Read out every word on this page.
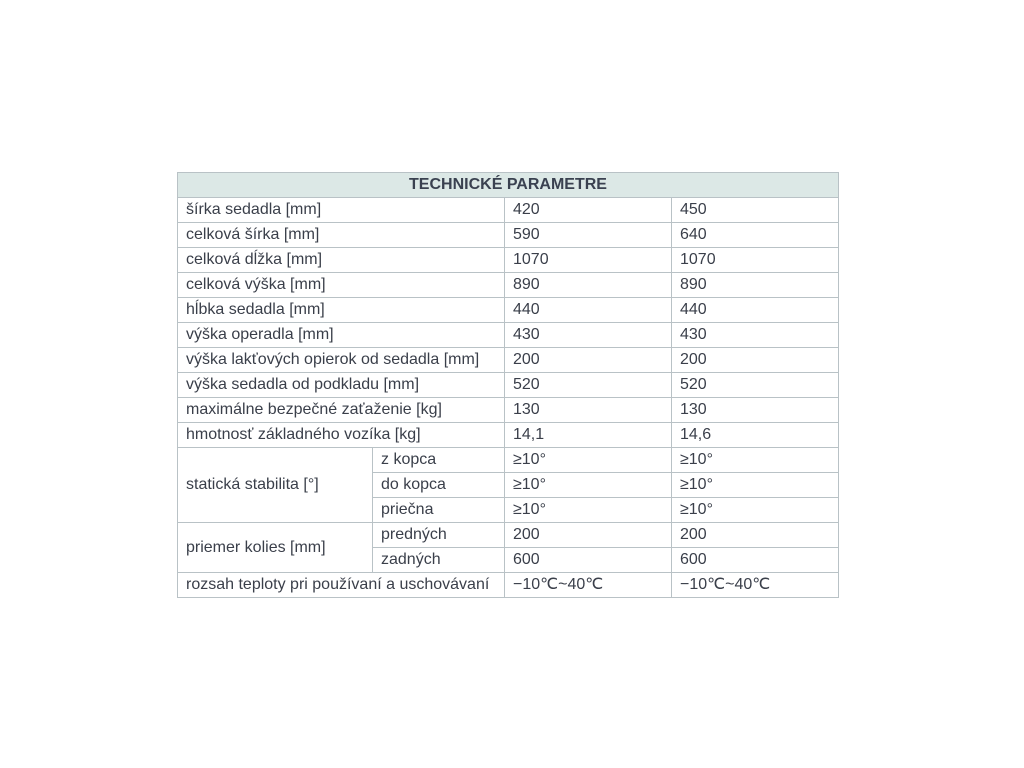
TECHNICKÉ PARAMETRE			
šírka sedadla [mm]		420	450
celková šírka [mm]		590	640
celková dĺžka [mm]		1070	1070
celková výška [mm]		890	890
hĺbka sedadla [mm]		440	440
výška operadla [mm]		430	430
výška lakťových opierok od sedadla [mm]		200	200
výška sedadla od podkladu [mm]		520	520
maximálne bezpečné zaťaženie [kg]		130	130
hmotnosť základného vozíka [kg]		14,1	14,6
statická stabilita [°]	z kopca	≥10°	≥10°
	do kopca	≥10°	≥10°
	priečna	≥10°	≥10°
priemer kolies [mm]	predných	200	200
	zadných	600	600
rozsah teploty pri používaní a uschovávaní		−10℃~40℃	−10℃~40℃
